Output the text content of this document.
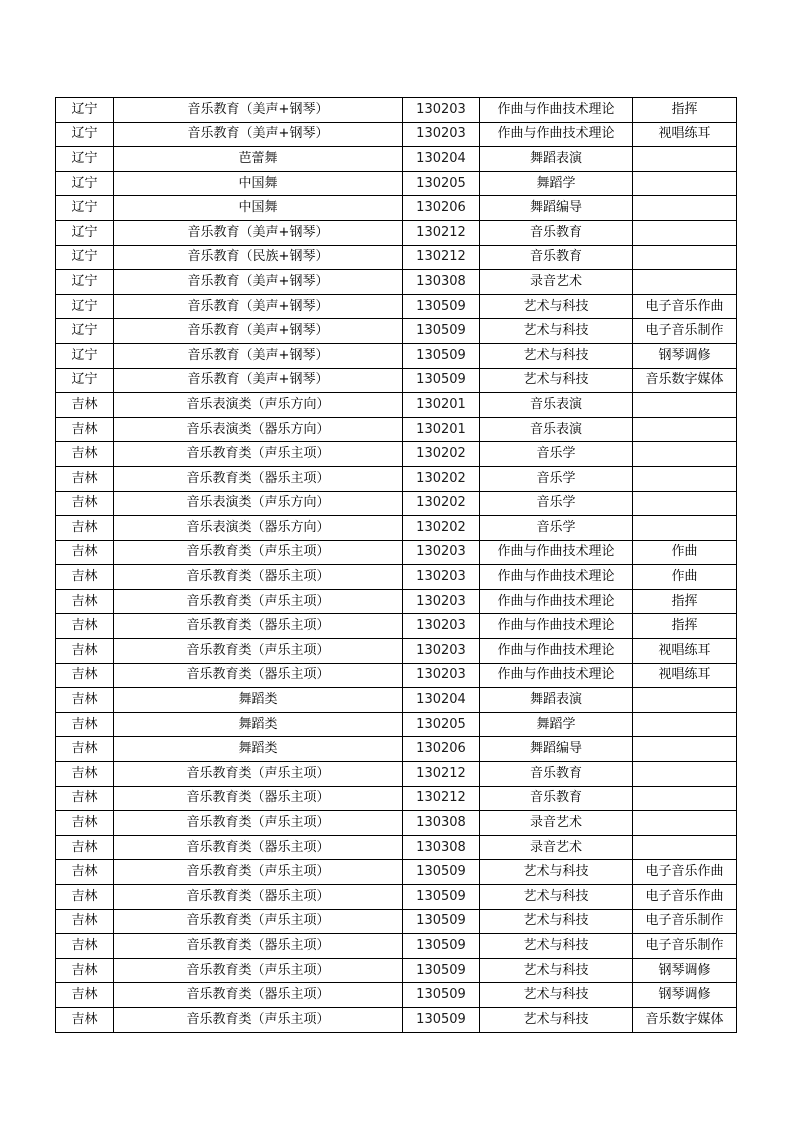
辽宁	音乐教育（美声+钢琴）	130203	作曲与作曲技术理论	指挥
辽宁	音乐教育（美声+钢琴）	130203	作曲与作曲技术理论	视唱练耳
辽宁	芭蕾舞	130204	舞蹈表演	
辽宁	中国舞	130205	舞蹈学	
辽宁	中国舞	130206	舞蹈编导	
辽宁	音乐教育（美声+钢琴）	130212	音乐教育	
辽宁	音乐教育（民族+钢琴）	130212	音乐教育	
辽宁	音乐教育（美声+钢琴）	130308	录音艺术	
辽宁	音乐教育（美声+钢琴）	130509	艺术与科技	电子音乐作曲
辽宁	音乐教育（美声+钢琴）	130509	艺术与科技	电子音乐制作
辽宁	音乐教育（美声+钢琴）	130509	艺术与科技	钢琴调修
辽宁	音乐教育（美声+钢琴）	130509	艺术与科技	音乐数字媒体
吉林	音乐表演类（声乐方向）	130201	音乐表演	
吉林	音乐表演类（器乐方向）	130201	音乐表演	
吉林	音乐教育类（声乐主项）	130202	音乐学	
吉林	音乐教育类（器乐主项）	130202	音乐学	
吉林	音乐表演类（声乐方向）	130202	音乐学	
吉林	音乐表演类（器乐方向）	130202	音乐学	
吉林	音乐教育类（声乐主项）	130203	作曲与作曲技术理论	作曲
吉林	音乐教育类（器乐主项）	130203	作曲与作曲技术理论	作曲
吉林	音乐教育类（声乐主项）	130203	作曲与作曲技术理论	指挥
吉林	音乐教育类（器乐主项）	130203	作曲与作曲技术理论	指挥
吉林	音乐教育类（声乐主项）	130203	作曲与作曲技术理论	视唱练耳
吉林	音乐教育类（器乐主项）	130203	作曲与作曲技术理论	视唱练耳
吉林	舞蹈类	130204	舞蹈表演	
吉林	舞蹈类	130205	舞蹈学	
吉林	舞蹈类	130206	舞蹈编导	
吉林	音乐教育类（声乐主项）	130212	音乐教育	
吉林	音乐教育类（器乐主项）	130212	音乐教育	
吉林	音乐教育类（声乐主项）	130308	录音艺术	
吉林	音乐教育类（器乐主项）	130308	录音艺术	
吉林	音乐教育类（声乐主项）	130509	艺术与科技	电子音乐作曲
吉林	音乐教育类（器乐主项）	130509	艺术与科技	电子音乐作曲
吉林	音乐教育类（声乐主项）	130509	艺术与科技	电子音乐制作
吉林	音乐教育类（器乐主项）	130509	艺术与科技	电子音乐制作
吉林	音乐教育类（声乐主项）	130509	艺术与科技	钢琴调修
吉林	音乐教育类（器乐主项）	130509	艺术与科技	钢琴调修
吉林	音乐教育类（声乐主项）	130509	艺术与科技	音乐数字媒体
